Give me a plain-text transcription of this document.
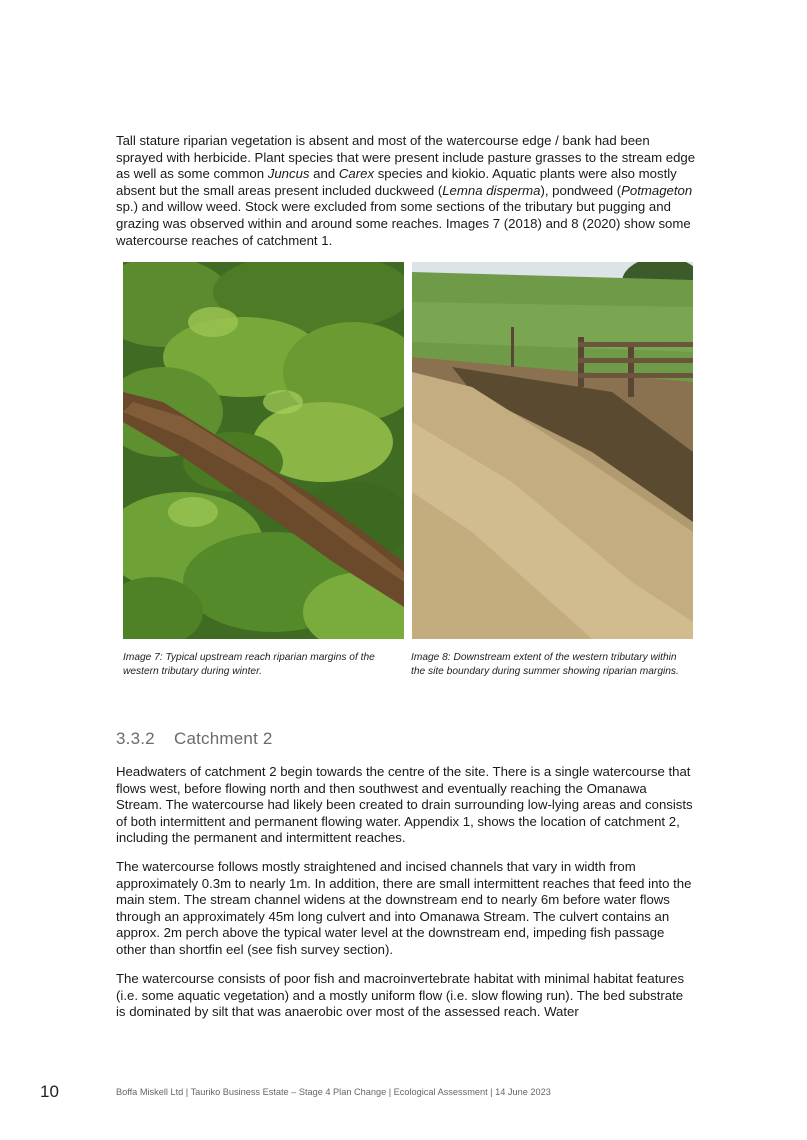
Tall stature riparian vegetation is absent and most of the watercourse edge / bank had been sprayed with herbicide. Plant species that were present include pasture grasses to the stream edge as well as some common Juncus and Carex species and kiokio. Aquatic plants were also mostly absent but the small areas present included duckweed (Lemna disperma), pondweed (Potmageton sp.) and willow weed. Stock were excluded from some sections of the tributary but pugging and grazing was observed within and around some reaches. Images 7 (2018) and 8 (2020) show some watercourse reaches of catchment 1.

Image 7: Typical upstream reach riparian margins of the western tributary during winter.
Image 8: Downstream extent of the western tributary within the site boundary during summer showing riparian margins.
3.3.2 Catchment 2

Headwaters of catchment 2 begin towards the centre of the site. There is a single watercourse that flows west, before flowing north and then southwest and eventually reaching the Omanawa Stream. The watercourse had likely been created to drain surrounding low-lying areas and consists of both intermittent and permanent flowing water. Appendix 1, shows the location of catchment 2, including the permanent and intermittent reaches.

The watercourse follows mostly straightened and incised channels that vary in width from approximately 0.3m to nearly 1m. In addition, there are small intermittent reaches that feed into the main stem. The stream channel widens at the downstream end to nearly 6m before water flows through an approximately 45m long culvert and into Omanawa Stream. The culvert contains an approx. 2m perch above the typical water level at the downstream end, impeding fish passage other than shortfin eel (see fish survey section).

The watercourse consists of poor fish and macroinvertebrate habitat with minimal habitat features (i.e. some aquatic vegetation) and a mostly uniform flow (i.e. slow flowing run). The bed substrate is dominated by silt that was anaerobic over most of the assessed reach. Water

10	Boffa Miskell Ltd | Tauriko Business Estate – Stage 4 Plan Change | Ecological Assessment | 14 June 2023
